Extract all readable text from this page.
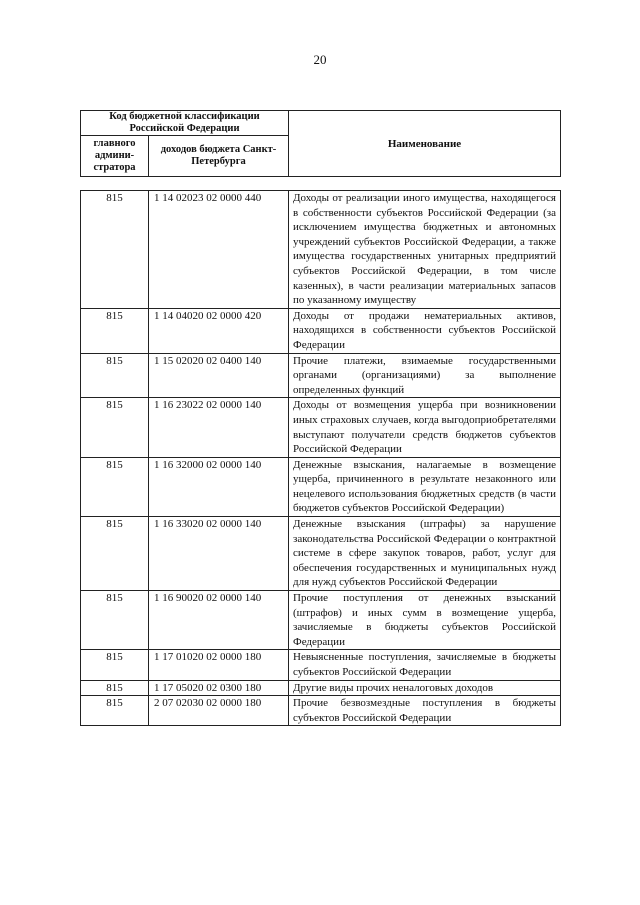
20
Код бюджетной классификации Российской Федерации		Наименование
главного админи-стратора	доходов бюджета Санкт-Петербурга	
815	1 14 02023 02 0000 440	Доходы от реализации иного имущества, находящегося в собственности субъектов Российской Федерации (за исключением имущества бюджетных и автономных учреждений субъектов Российской Федерации, а также имущества государственных унитарных предприятий субъектов Российской Федерации, в том числе казенных), в части реализации материальных запасов по указанному имуществу
815	1 14 04020 02 0000 420	Доходы от продажи нематериальных активов, находящихся в собственности субъектов Российской Федерации
815	1 15 02020 02 0400 140	Прочие платежи, взимаемые государственными органами (организациями) за выполнение определенных функций
815	1 16 23022 02 0000 140	Доходы от возмещения ущерба при возникновении иных страховых случаев, когда выгодоприобретателями выступают получатели средств бюджетов субъектов Российской Федерации
815	1 16 32000 02 0000 140	Денежные взыскания, налагаемые в возмещение ущерба, причиненного в результате незаконного или нецелевого использования бюджетных средств (в части бюджетов субъектов Российской Федерации)
815	1 16 33020 02 0000 140	Денежные взыскания (штрафы) за нарушение законодательства Российской Федерации о контрактной системе в сфере закупок товаров, работ, услуг для обеспечения государственных и муниципальных нужд для нужд субъектов Российской Федерации
815	1 16 90020 02 0000 140	Прочие поступления от денежных взысканий (штрафов) и иных сумм в возмещение ущерба, зачисляемые в бюджеты субъектов Российской Федерации
815	1 17 01020 02 0000 180	Невыясненные поступления, зачисляемые в бюджеты субъектов Российской Федерации
815	1 17 05020 02 0300 180	Другие виды прочих неналоговых доходов
815	2 07 02030 02 0000 180	Прочие безвозмездные поступления в бюджеты субъектов Российской Федерации
